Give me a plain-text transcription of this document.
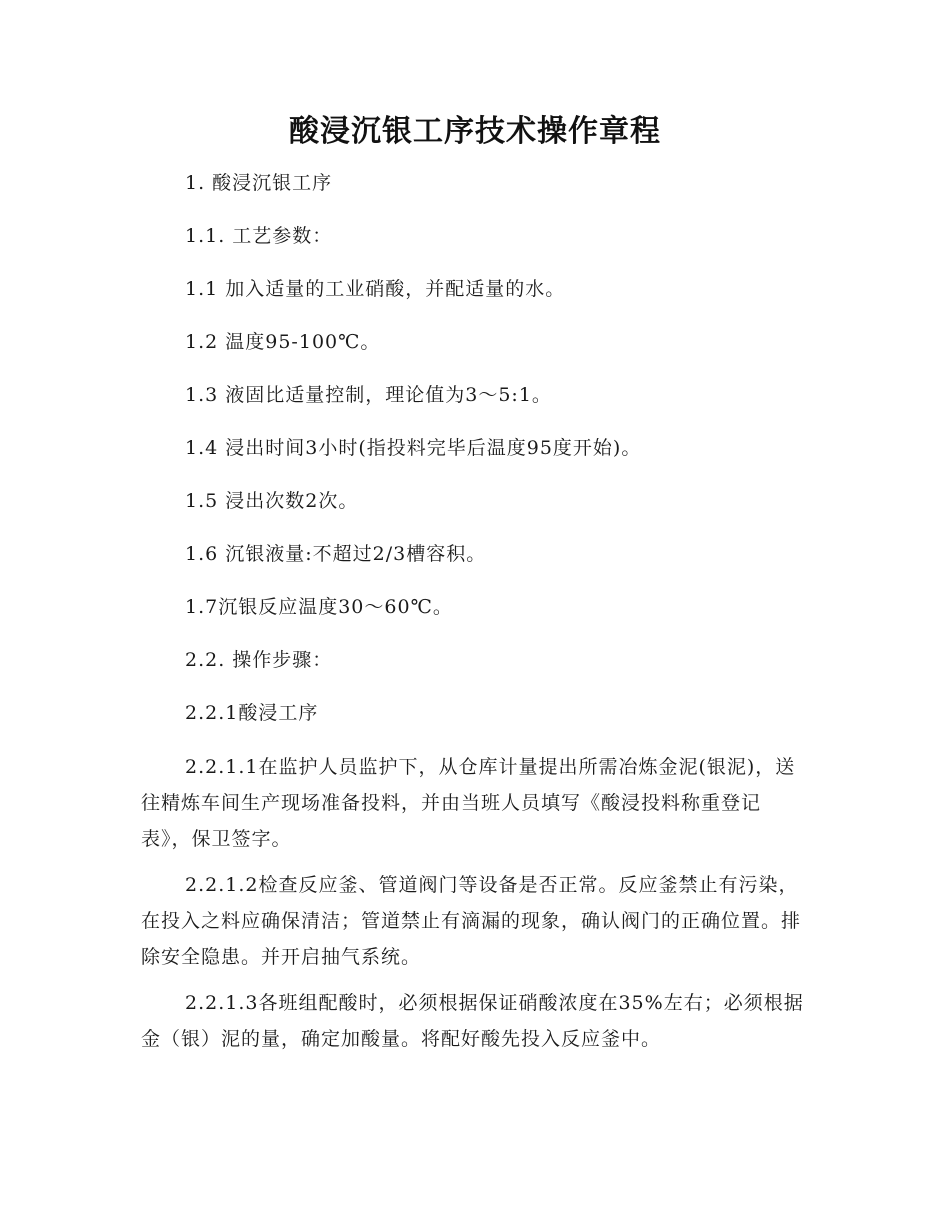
酸浸沉银工序技术操作章程

1. 酸浸沉银工序

1.1. 工艺参数：

1.1 加入适量的工业硝酸，并配适量的水。

1.2 温度95-100℃。

1.3 液固比适量控制，理论值为3～5:1。

1.4 浸出时间3小时(指投料完毕后温度95度开始)。

1.5 浸出次数2次。

1.6 沉银液量:不超过2/3槽容积。

1.7沉银反应温度30～60℃。

2.2. 操作步骤：

2.2.1酸浸工序

2.2.1.1在监护人员监护下，从仓库计量提出所需冶炼金泥(银泥)，送往精炼车间生产现场准备投料，并由当班人员填写《酸浸投料称重登记表》，保卫签字。

2.2.1.2检查反应釜、管道阀门等设备是否正常。反应釜禁止有污染，在投入之料应确保清洁；管道禁止有滴漏的现象，确认阀门的正确位置。排除安全隐患。并开启抽气系统。

2.2.1.3各班组配酸时，必须根据保证硝酸浓度在35%左右；必须根据金（银）泥的量，确定加酸量。将配好酸先投入反应釜中。
